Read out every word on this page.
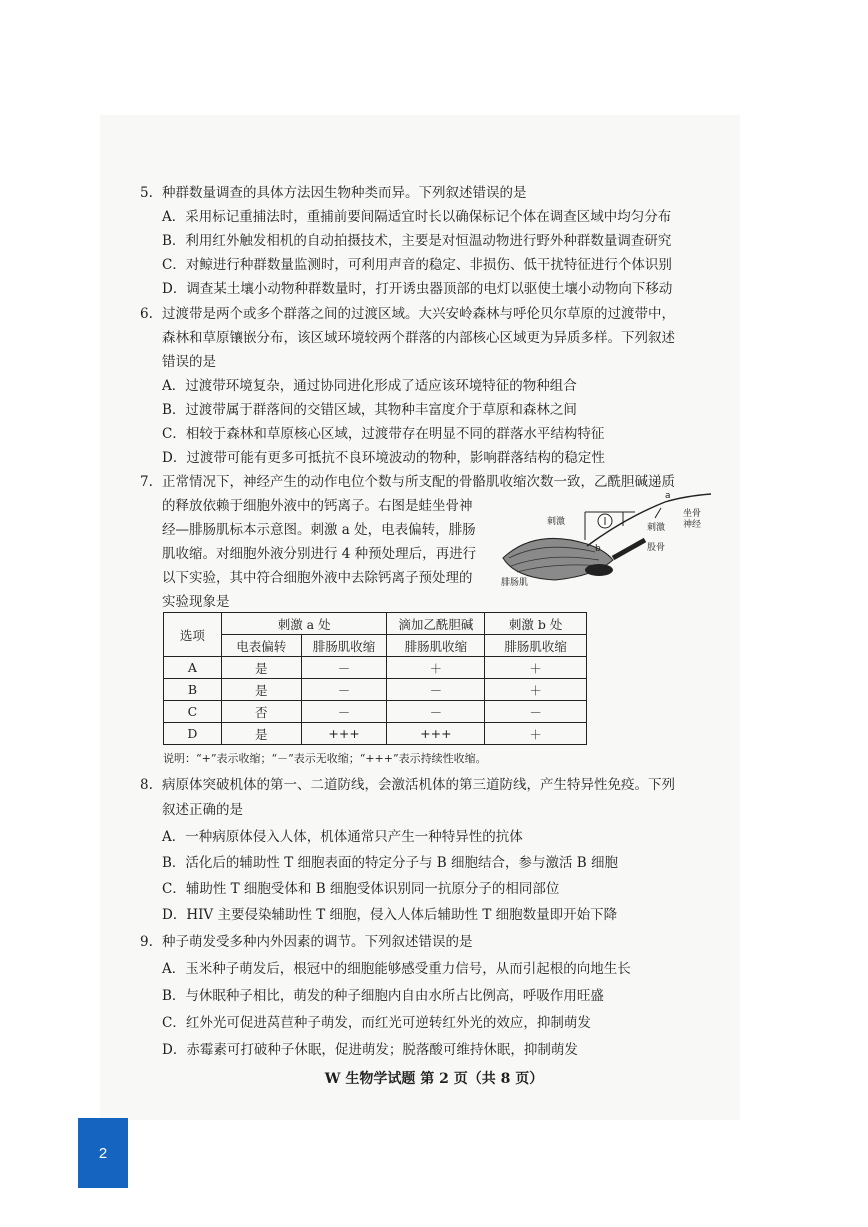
5. 种群数量调查的具体方法因生物种类而异。下列叙述错误的是
A．采用标记重捕法时，重捕前要间隔适宜时长以确保标记个体在调查区域中均匀分布
B．利用红外触发相机的自动拍摄技术，主要是对恒温动物进行野外种群数量调查研究
C．对鲸进行种群数量监测时，可利用声音的稳定、非损伤、低干扰特征进行个体识别
D．调查某土壤小动物种群数量时，打开诱虫器顶部的电灯以驱使土壤小动物向下移动
6. 过渡带是两个或多个群落之间的过渡区域。大兴安岭森林与呼伦贝尔草原的过渡带中，
森林和草原镶嵌分布，该区域环境较两个群落的内部核心区域更为异质多样。下列叙述
错误的是
A．过渡带环境复杂，通过协同进化形成了适应该环境特征的物种组合
B．过渡带属于群落间的交错区域，其物种丰富度介于草原和森林之间
C．相较于森林和草原核心区域，过渡带存在明显不同的群落水平结构特征
D．过渡带可能有更多可抵抗不良环境波动的物种，影响群落结构的稳定性
7. 正常情况下，神经产生的动作电位个数与所支配的骨骼肌收缩次数一致，乙酰胆碱递质
的释放依赖于细胞外液中的钙离子。右图是蛙坐骨神
经—腓肠肌标本示意图。刺激 a 处，电表偏转，腓肠
肌收缩。对细胞外液分别进行 4 种预处理后，再进行
以下实验，其中符合细胞外液中去除钙离子预处理的
实验现象是
a
b
刺激
刺激
坐骨
神经
股骨
腓肠肌
选项	刺激 a 处		滴加乙酰胆碱	刺激 b 处
	电表偏转	腓肠肌收缩	腓肠肌收缩	腓肠肌收缩
A	是	－	＋	＋
B	是	－	－	＋
C	否	－	－	－
D	是	+++	+++	＋
说明：“+”表示收缩；“－”表示无收缩；“+++”表示持续性收缩。
8. 病原体突破机体的第一、二道防线，会激活机体的第三道防线，产生特异性免疫。下列
叙述正确的是
A．一种病原体侵入人体，机体通常只产生一种特异性的抗体
B．活化后的辅助性 T 细胞表面的特定分子与 B 细胞结合，参与激活 B 细胞
C．辅助性 T 细胞受体和 B 细胞受体识别同一抗原分子的相同部位
D．HIV 主要侵染辅助性 T 细胞，侵入人体后辅助性 T 细胞数量即开始下降
9. 种子萌发受多种内外因素的调节。下列叙述错误的是
A．玉米种子萌发后，根冠中的细胞能够感受重力信号，从而引起根的向地生长
B．与休眠种子相比，萌发的种子细胞内自由水所占比例高，呼吸作用旺盛
C．红外光可促进莴苣种子萌发，而红光可逆转红外光的效应，抑制萌发
D．赤霉素可打破种子休眠，促进萌发；脱落酸可维持休眠，抑制萌发
W 生物学试题 第 2 页（共 8 页）
2
